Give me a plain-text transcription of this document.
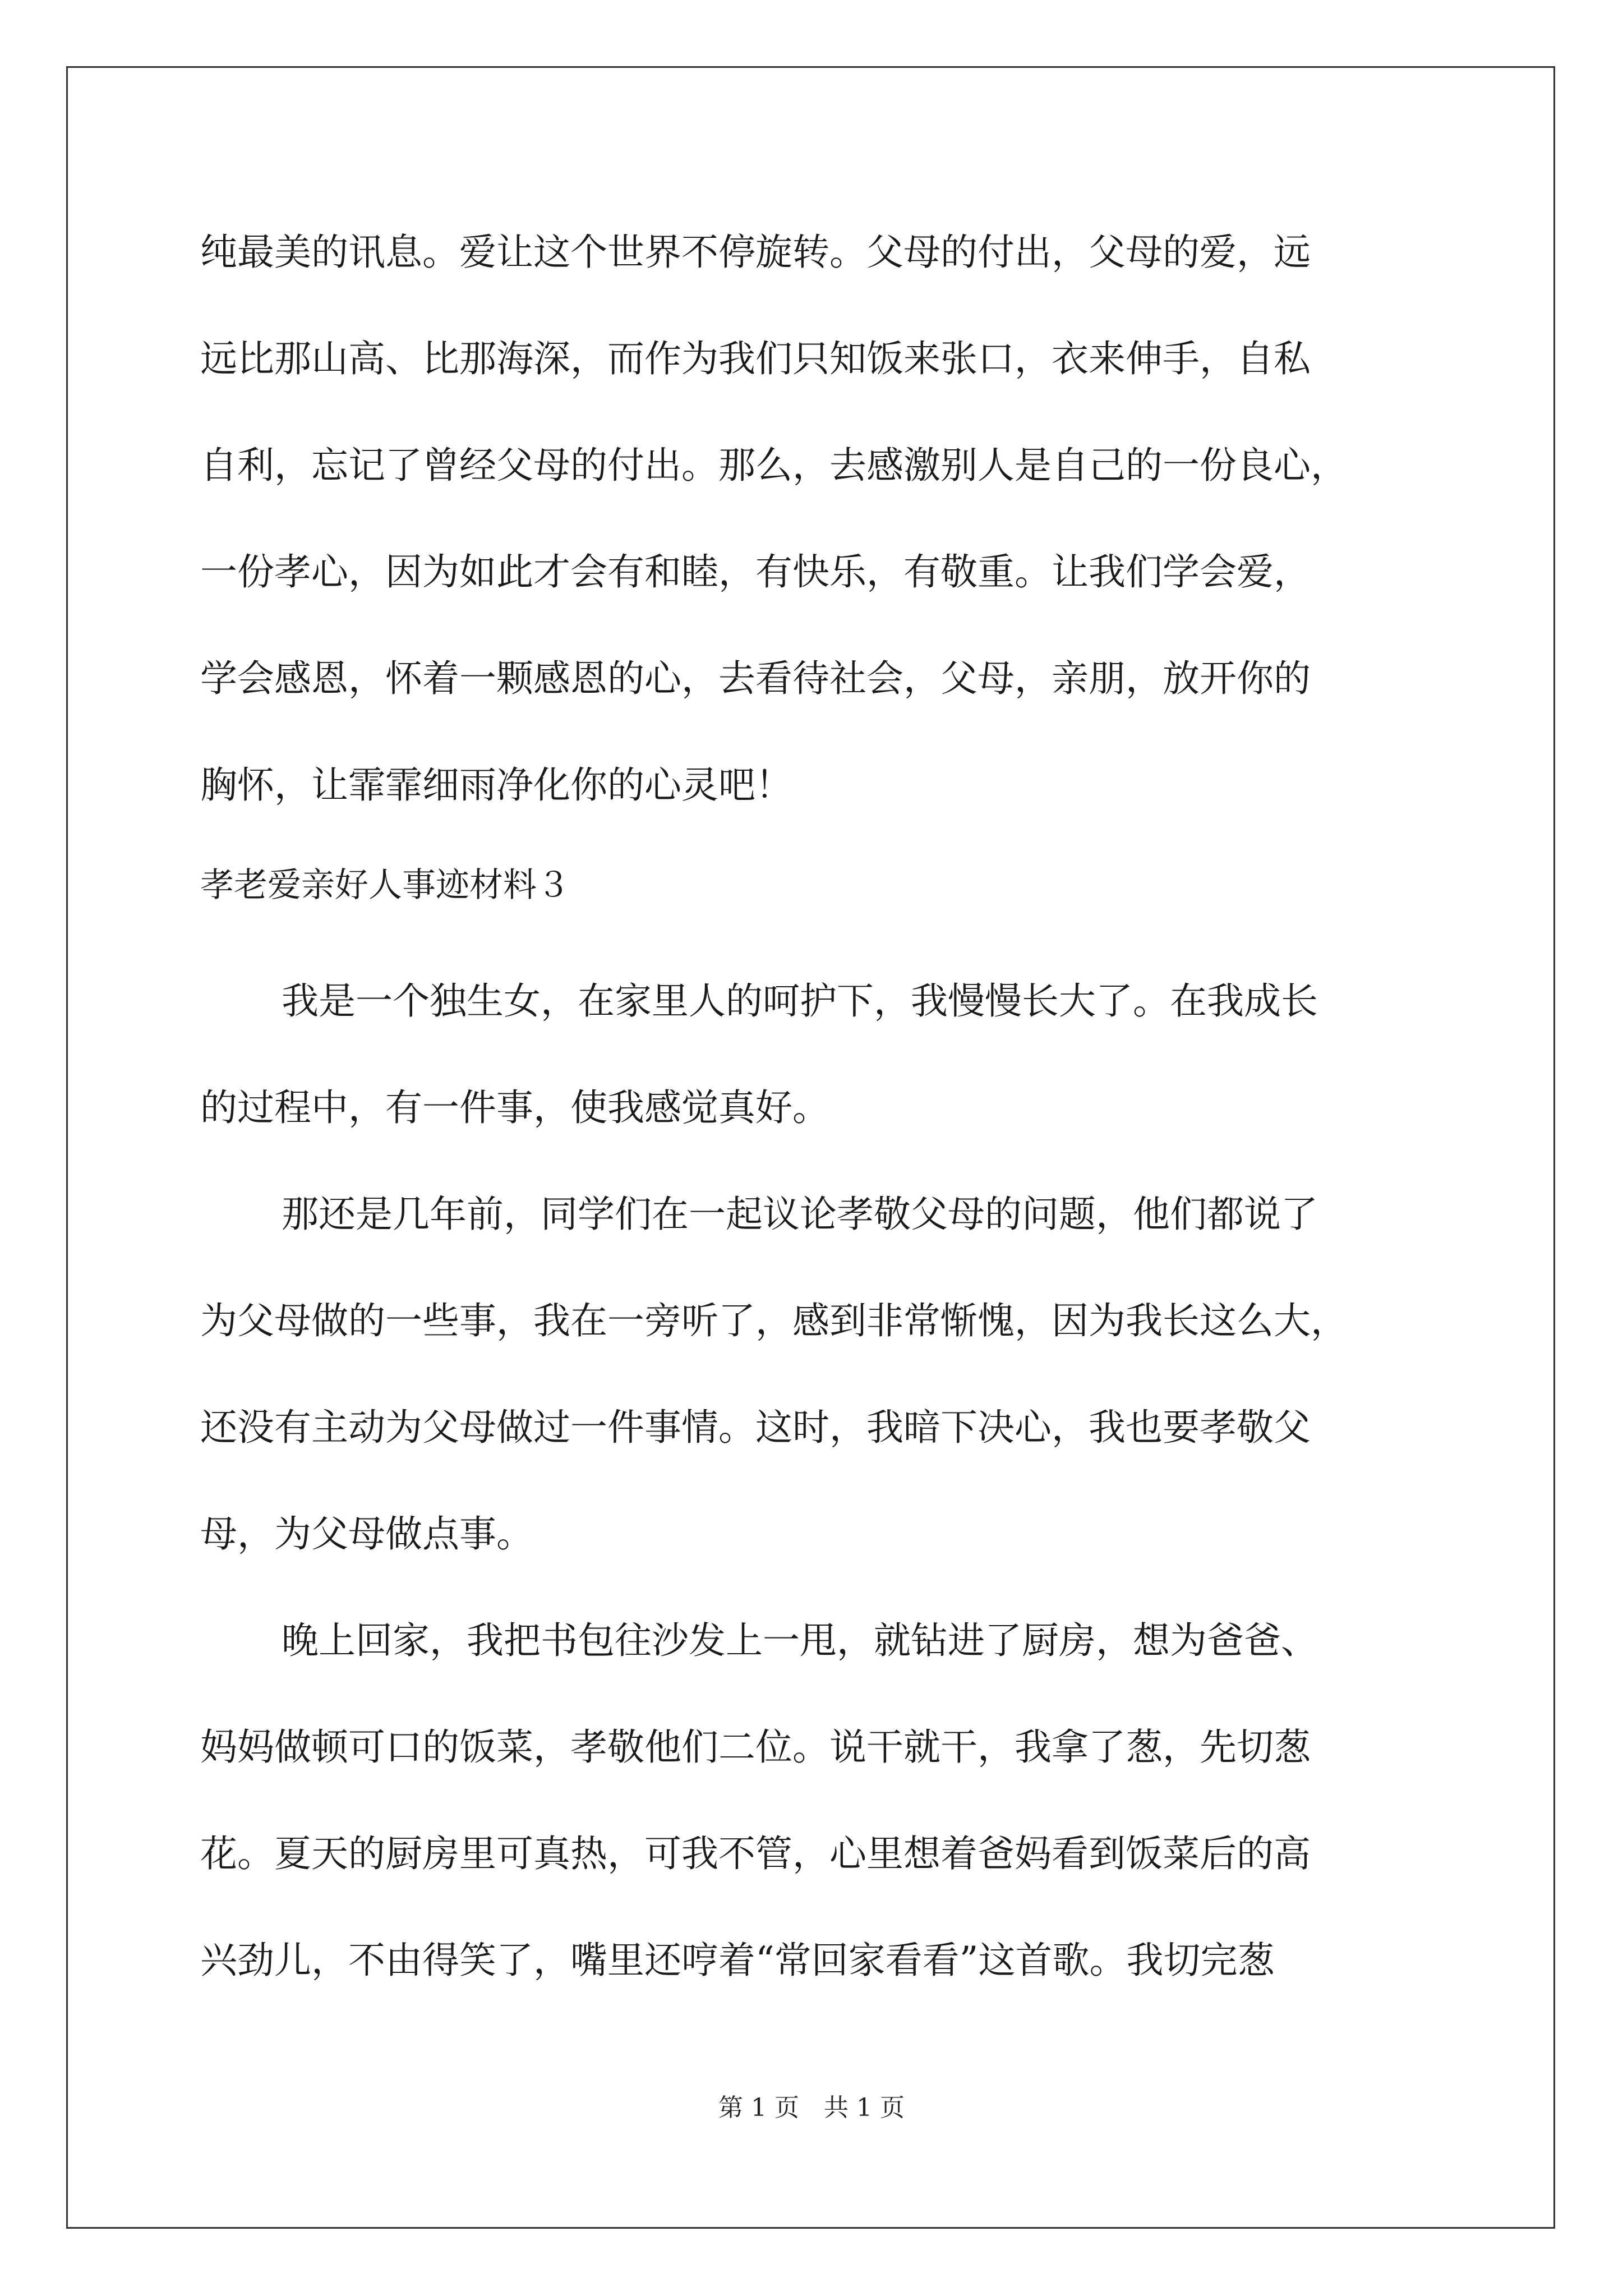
纯最美的讯息。爱让这个世界不停旋转。父母的付出，父母的爱，远
远比那山高、比那海深，而作为我们只知饭来张口，衣来伸手，自私
自利，忘记了曾经父母的付出。那么，去感激别人是自己的一份良心，
一份孝心，因为如此才会有和睦，有快乐，有敬重。让我们学会爱，
学会感恩，怀着一颗感恩的心，去看待社会，父母，亲朋，放开你的
胸怀，让霏霏细雨净化你的心灵吧！
孝老爱亲好人事迹材料３
我是一个独生女，在家里人的呵护下，我慢慢长大了。在我成长
的过程中，有一件事，使我感觉真好。
那还是几年前，同学们在一起议论孝敬父母的问题，他们都说了
为父母做的一些事，我在一旁听了，感到非常惭愧，因为我长这么大，
还没有主动为父母做过一件事情。这时，我暗下决心，我也要孝敬父
母，为父母做点事。
晚上回家，我把书包往沙发上一甩，就钻进了厨房，想为爸爸、
妈妈做顿可口的饭菜，孝敬他们二位。说干就干，我拿了葱，先切葱
花。夏天的厨房里可真热，可我不管，心里想着爸妈看到饭菜后的高
兴劲儿，不由得笑了，嘴里还哼着“常回家看看”这首歌。我切完葱
第 1 页　共 1 页
